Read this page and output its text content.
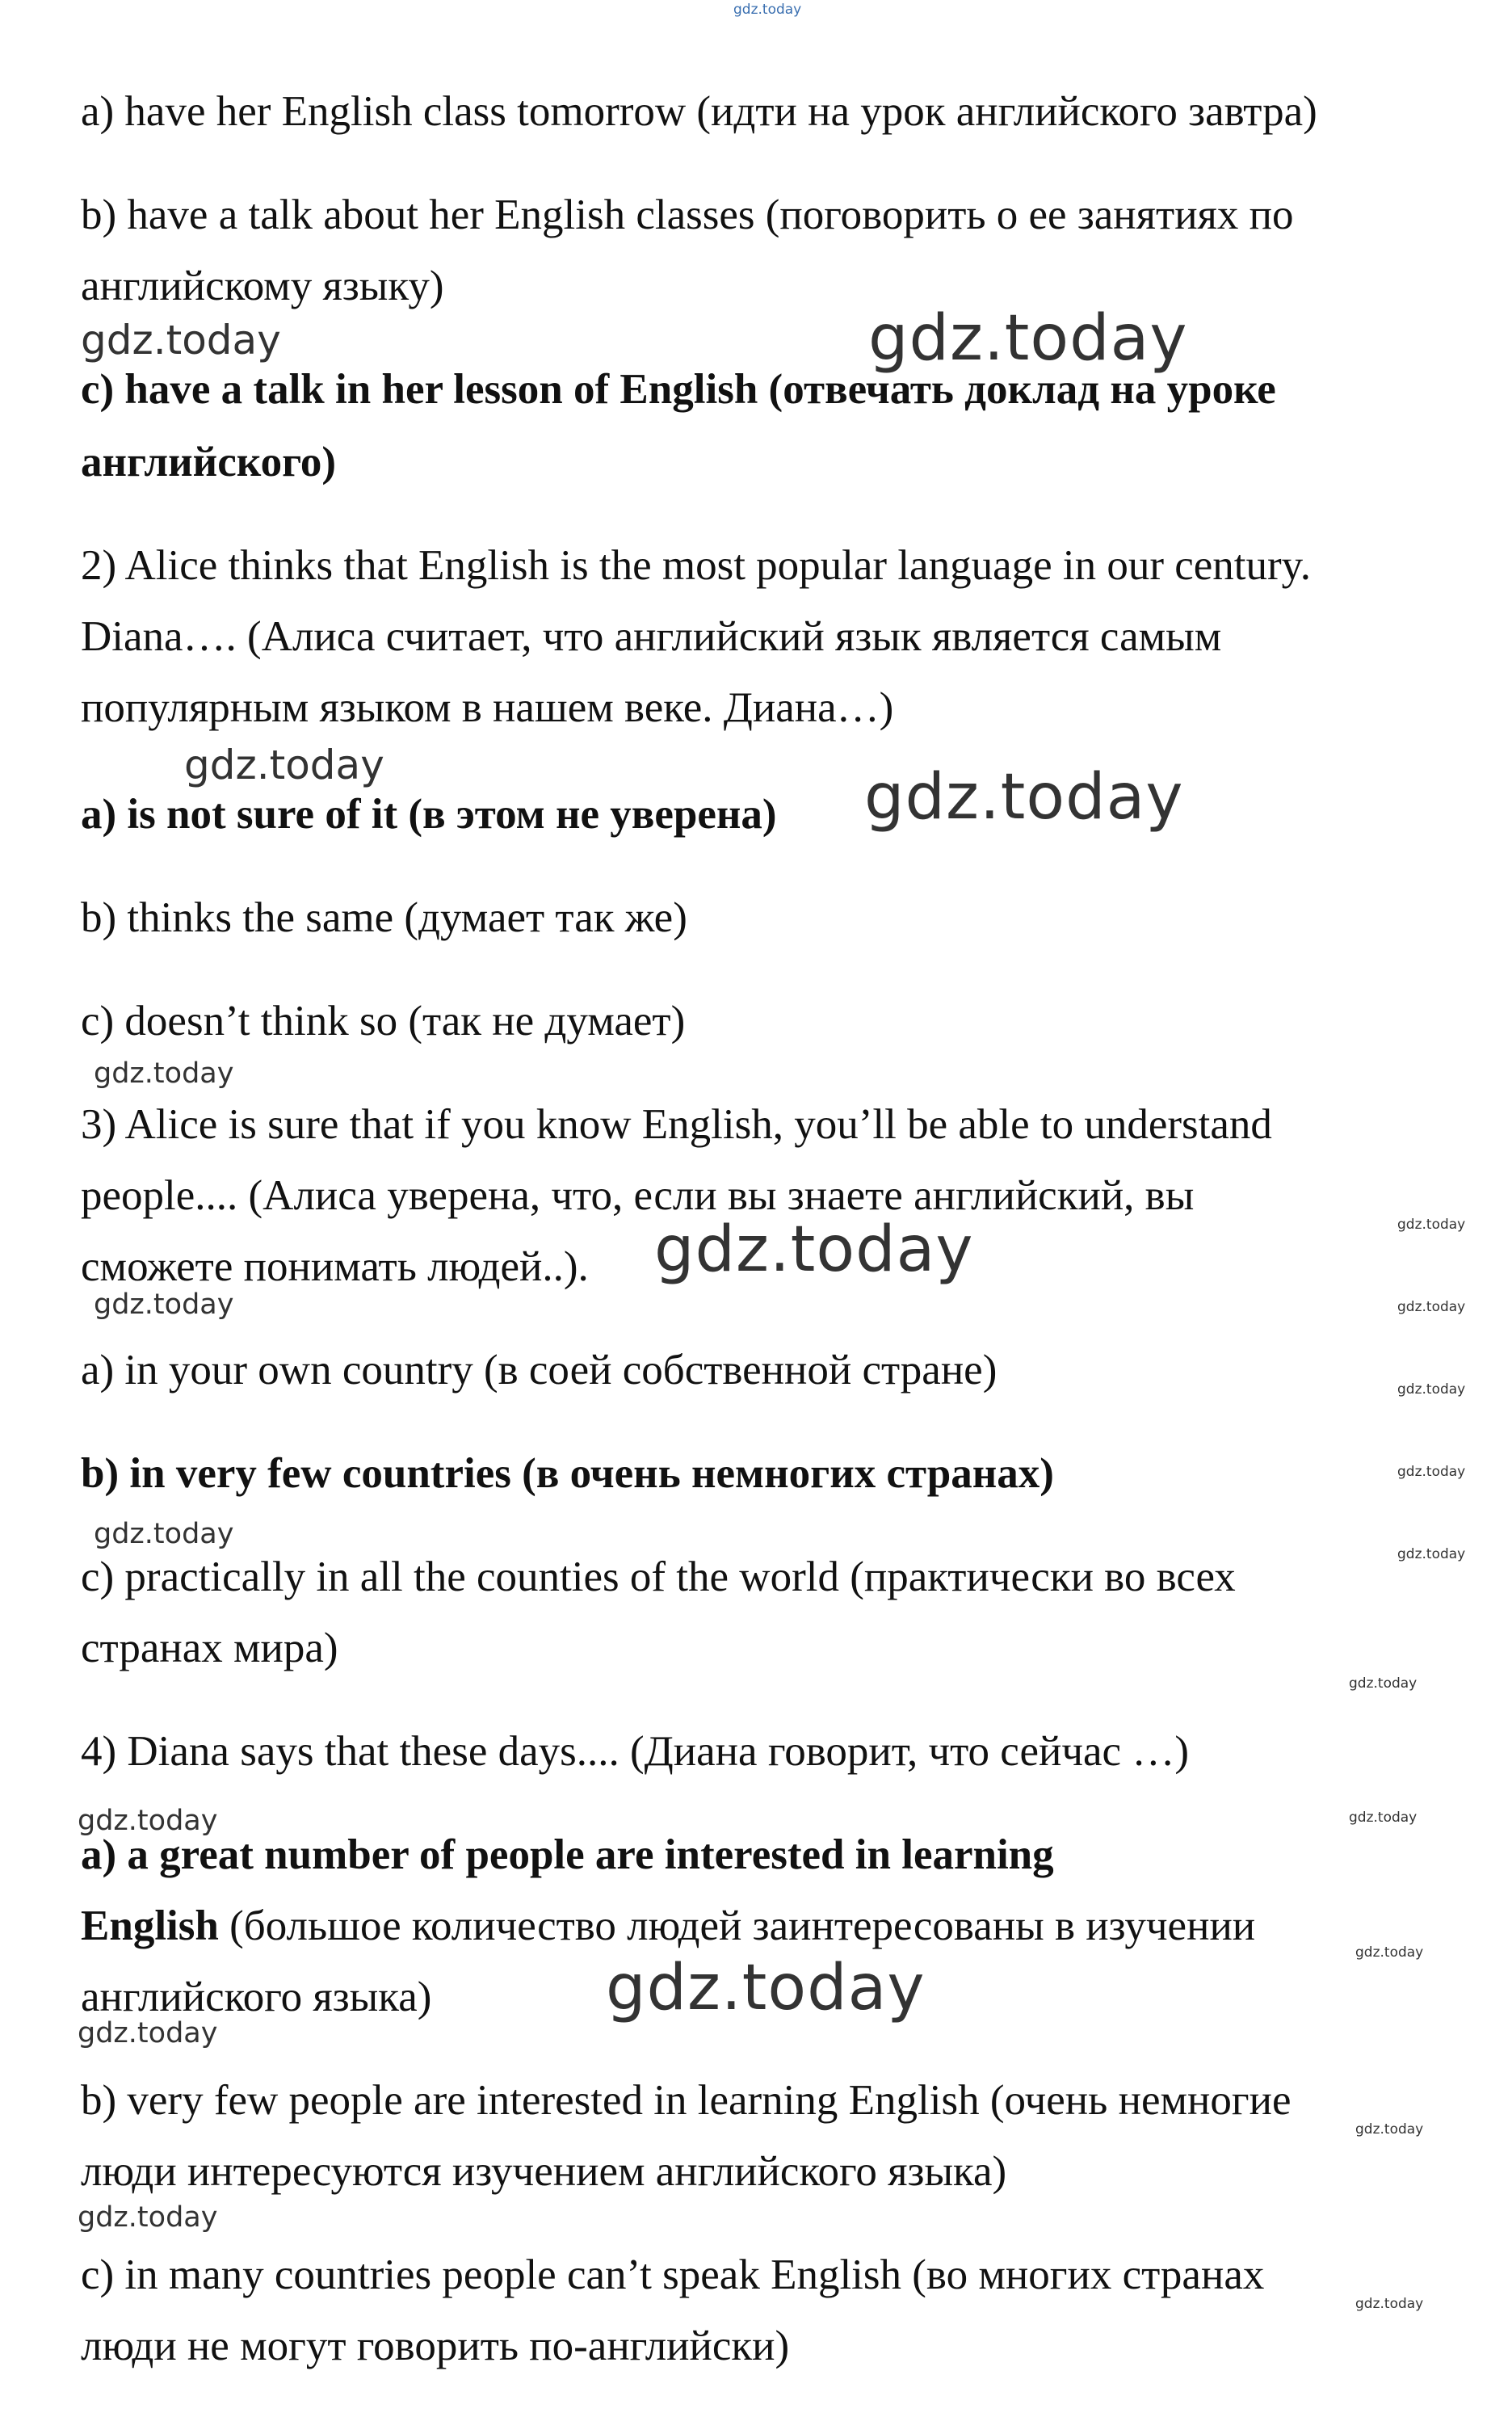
gdz.today
a) have her English class tomorrow (идти на урок английского завтра)
b) have a talk about her English classes (поговорить о ее занятиях по
английскому языку)
c) have a talk in her lesson of English (отвечать доклад на уроке
английского)
2) Alice thinks that English is the most popular language in our century.
Diana…. (Алиса считает, что английский язык является самым
популярным языком в нашем веке. Диана…)
a) is not sure of it (в этом не уверена)
b) thinks the same (думает так же)
c) doesn’t think so (так не думает)
3) Alice is sure that if you know English, you’ll be able to understand
people.... (Алиса уверена, что, если вы знаете английский, вы
сможете понимать людей..).
a) in your own country (в соей собственной стране)
b) in very few countries (в очень немногих странах)
c) practically in all the counties of the world (практически во всех
странах мира)
4) Diana says that these days.... (Диана говорит, что сейчас …)
a) a great number of people are interested in learning
English (большое количество людей заинтересованы в изучении
английского языка)
b) very few people are interested in learning English (очень немногие
люди интересуются изучением английского языка)
c) in many countries people can’t speak English (во многих странах
люди не могут говорить по-английски)
gdz.today	gdz.today
gdz.today	gdz.today
gdz.today
gdz.today
gdz.today
gdz.today
gdz.today
gdz.today
gdz.today
gdz.today
gdz.today
gdz.today
gdz.today
gdz.today
gdz.today
gdz.today
gdz.today
gdz.today
gdz.today
gdz.today
